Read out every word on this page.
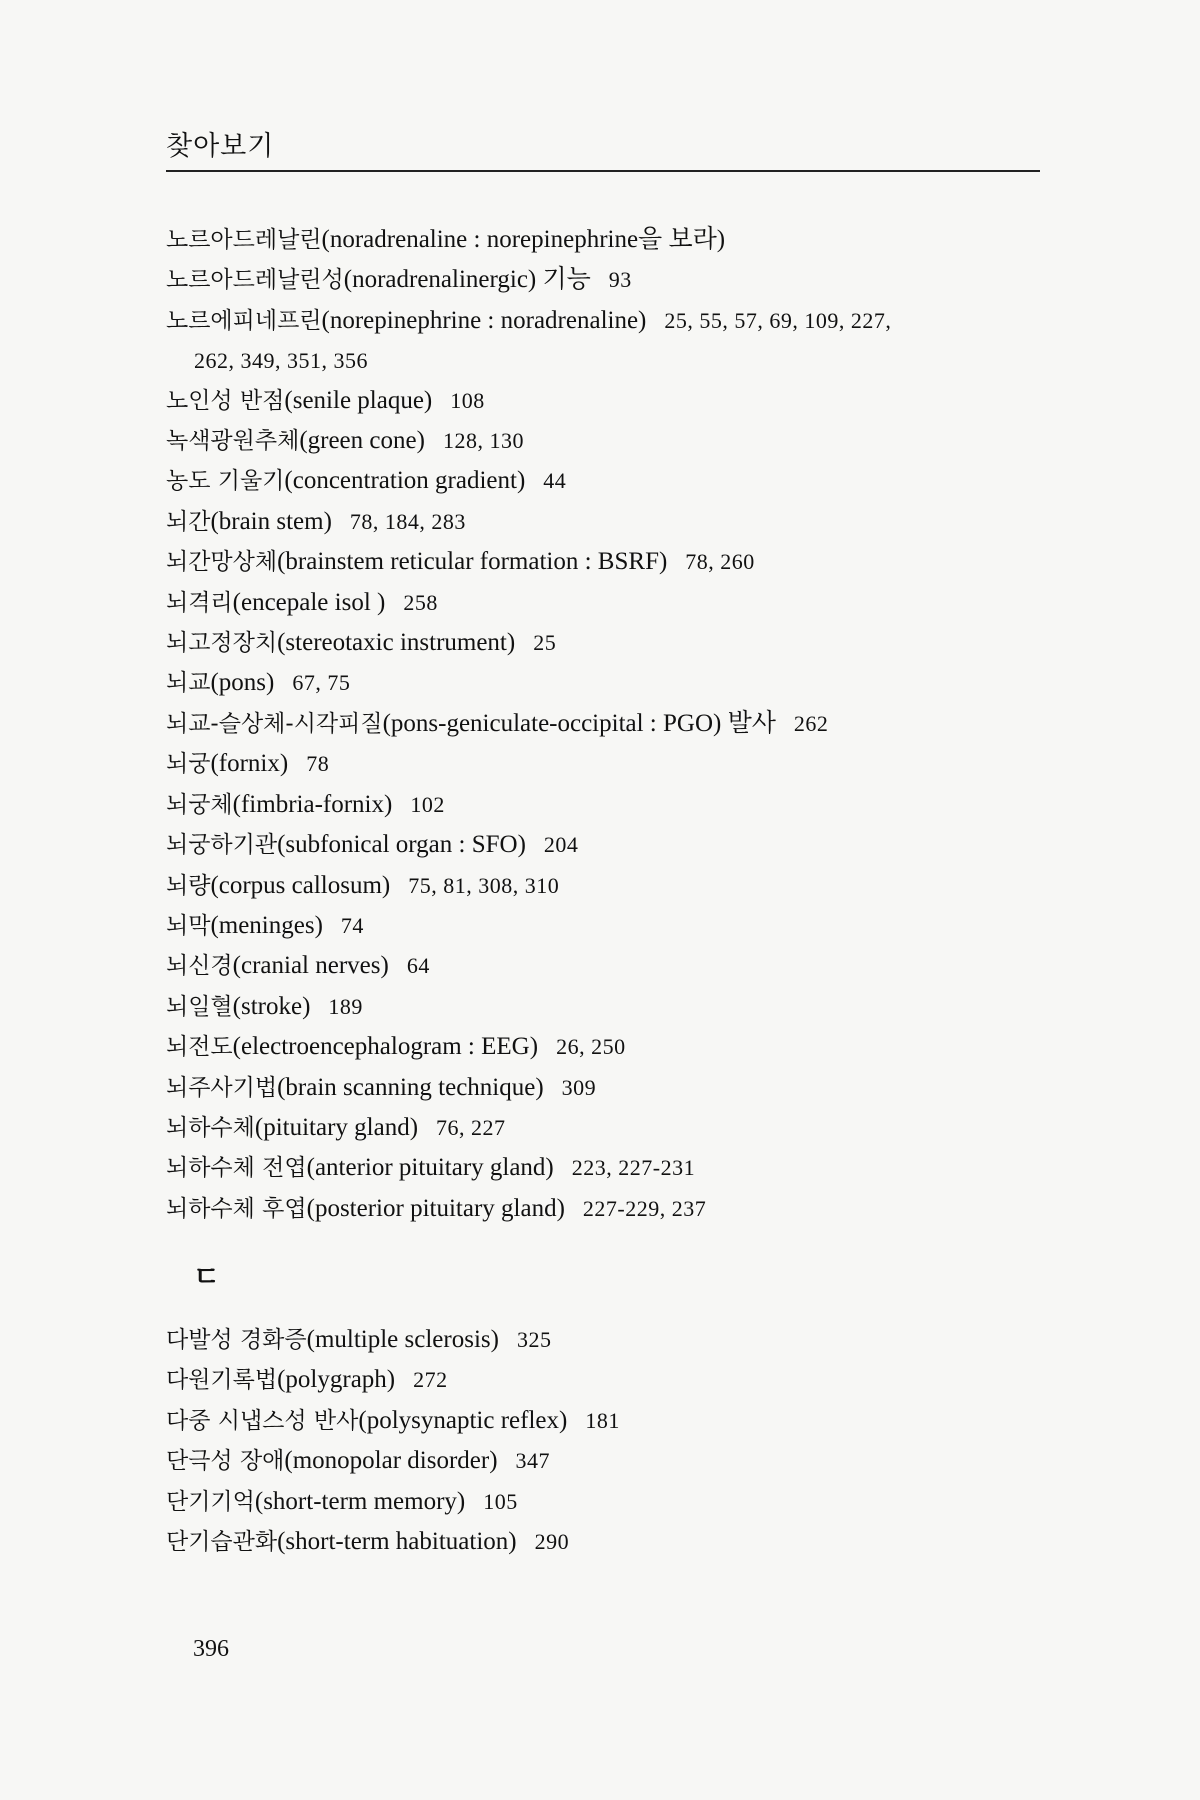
찾아보기
노르아드레날린(noradrenaline : norepinephrine을 보라)
노르아드레날린성(noradrenalinergic) 기능 93
노르에피네프린(norepinephrine : noradrenaline) 25, 55, 57, 69, 109, 227,
262, 349, 351, 356
노인성 반점(senile plaque) 108
녹색광원추체(green cone) 128, 130
농도 기울기(concentration gradient) 44
뇌간(brain stem) 78, 184, 283
뇌간망상체(brainstem reticular formation : BSRF) 78, 260
뇌격리(encepale isol ) 258
뇌고정장치(stereotaxic instrument) 25
뇌교(pons) 67, 75
뇌교-슬상체-시각피질(pons-geniculate-occipital : PGO) 발사 262
뇌궁(fornix) 78
뇌궁체(fimbria-fornix) 102
뇌궁하기관(subfonical organ : SFO) 204
뇌량(corpus callosum) 75, 81, 308, 310
뇌막(meninges) 74
뇌신경(cranial nerves) 64
뇌일혈(stroke) 189
뇌전도(electroencephalogram : EEG) 26, 250
뇌주사기법(brain scanning technique) 309
뇌하수체(pituitary gland) 76, 227
뇌하수체 전엽(anterior pituitary gland) 223, 227-231
뇌하수체 후엽(posterior pituitary gland) 227-229, 237
ㄷ
다발성 경화증(multiple sclerosis) 325
다원기록법(polygraph) 272
다중 시냅스성 반사(polysynaptic reflex) 181
단극성 장애(monopolar disorder) 347
단기기억(short-term memory) 105
단기습관화(short-term habituation) 290
396
